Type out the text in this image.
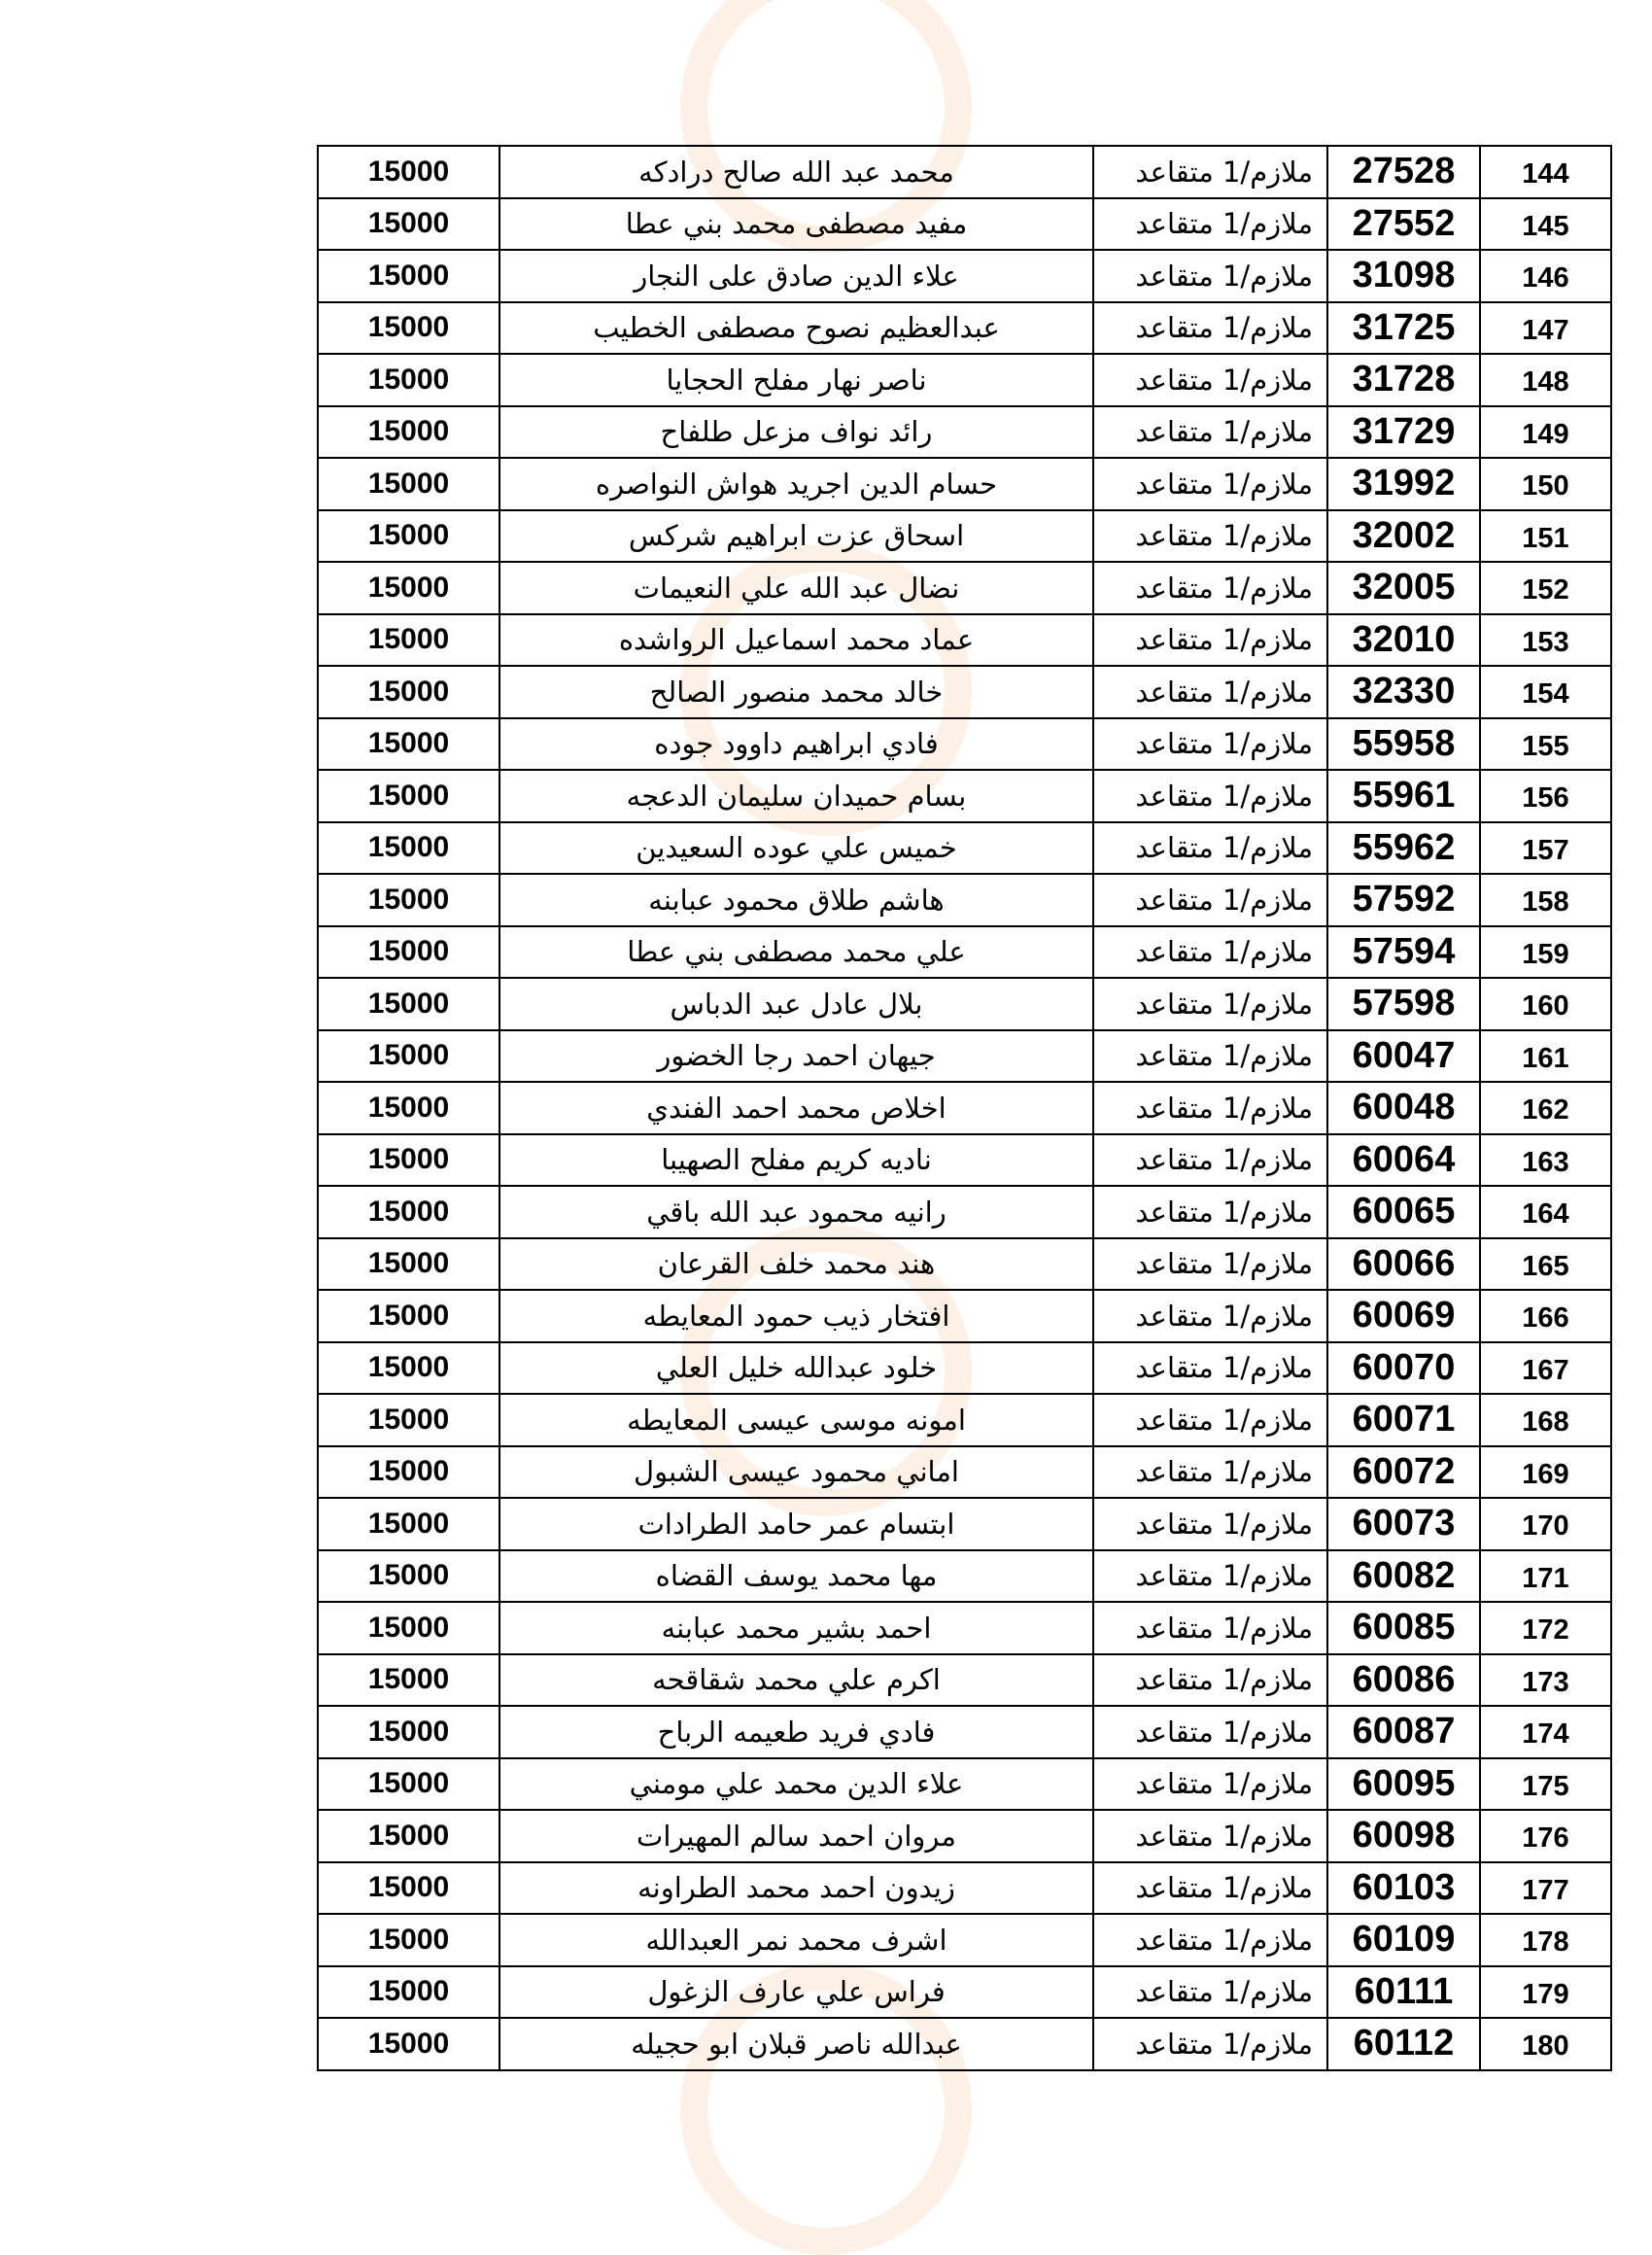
15000	محمد عبد الله صالح درادكه	ملازم/1 متقاعد	27528	144
15000	مفيد مصطفى محمد بني عطا	ملازم/1 متقاعد	27552	145
15000	علاء الدين صادق على النجار	ملازم/1 متقاعد	31098	146
15000	عبدالعظيم نصوح مصطفى الخطيب	ملازم/1 متقاعد	31725	147
15000	ناصر نهار مفلح الحجايا	ملازم/1 متقاعد	31728	148
15000	رائد نواف مزعل طلفاح	ملازم/1 متقاعد	31729	149
15000	حسام الدين اجريد هواش النواصره	ملازم/1 متقاعد	31992	150
15000	اسحاق عزت ابراهيم شركس	ملازم/1 متقاعد	32002	151
15000	نضال عبد الله علي النعيمات	ملازم/1 متقاعد	32005	152
15000	عماد محمد اسماعيل الرواشده	ملازم/1 متقاعد	32010	153
15000	خالد محمد منصور الصالح	ملازم/1 متقاعد	32330	154
15000	فادي ابراهيم داوود جوده	ملازم/1 متقاعد	55958	155
15000	بسام حميدان سليمان الدعجه	ملازم/1 متقاعد	55961	156
15000	خميس علي عوده السعيدين	ملازم/1 متقاعد	55962	157
15000	هاشم طلاق محمود عبابنه	ملازم/1 متقاعد	57592	158
15000	علي محمد مصطفى بني عطا	ملازم/1 متقاعد	57594	159
15000	بلال عادل عبد الدباس	ملازم/1 متقاعد	57598	160
15000	جيهان احمد رجا الخضور	ملازم/1 متقاعد	60047	161
15000	اخلاص محمد احمد الفندي	ملازم/1 متقاعد	60048	162
15000	ناديه كريم مفلح الصهيبا	ملازم/1 متقاعد	60064	163
15000	رانيه محمود عبد الله باقي	ملازم/1 متقاعد	60065	164
15000	هند محمد خلف القرعان	ملازم/1 متقاعد	60066	165
15000	افتخار ذيب حمود المعايطه	ملازم/1 متقاعد	60069	166
15000	خلود عبدالله خليل العلي	ملازم/1 متقاعد	60070	167
15000	امونه موسى عيسى المعايطه	ملازم/1 متقاعد	60071	168
15000	اماني محمود عيسى الشبول	ملازم/1 متقاعد	60072	169
15000	ابتسام عمر حامد الطرادات	ملازم/1 متقاعد	60073	170
15000	مها محمد يوسف القضاه	ملازم/1 متقاعد	60082	171
15000	احمد بشير محمد عبابنه	ملازم/1 متقاعد	60085	172
15000	اكرم علي محمد شقاقحه	ملازم/1 متقاعد	60086	173
15000	فادي فريد طعيمه الرباح	ملازم/1 متقاعد	60087	174
15000	علاء الدين محمد علي مومني	ملازم/1 متقاعد	60095	175
15000	مروان احمد سالم المهيرات	ملازم/1 متقاعد	60098	176
15000	زيدون احمد محمد الطراونه	ملازم/1 متقاعد	60103	177
15000	اشرف محمد نمر العبدالله	ملازم/1 متقاعد	60109	178
15000	فراس علي عارف الزغول	ملازم/1 متقاعد	60111	179
15000	عبدالله ناصر قبلان ابو حجيله	ملازم/1 متقاعد	60112	180
